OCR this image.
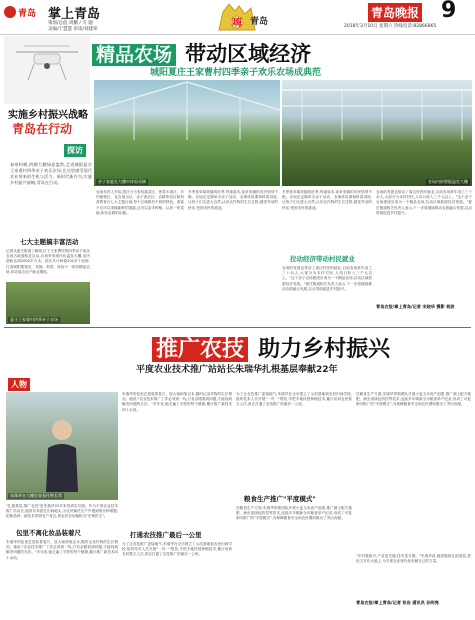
青岛 掌上青岛
策划/总值 周鹏 / 专 题
美编/于慧慧 审读/刘建荣
嗨 青岛
青岛晚报 9
2018年3月10日 星期六 热线电话:82866865
精品农场 带动区域经济
城阳夏庄王家曹村四季亲子欢乐农场成典范
实施乡村振兴战略
青岛在行动
探访
春寒料峭,两侧大棚绿意盎然,走进城阳夏庄王家曹村四季亲子欢乐农场,在这里感受现代农业带来的生机与活力。新时代新作为,实施乡村振兴战略,青岛在行动。
七大主题搞丰富活动
记者从夏庄街道了解到,位于王家曹村的四季亲子欢乐农场占地面积近百亩,农场采用现代化温室大棚,室内面积达到2000平方米。园区共计种植200多个品种,打造城阳集观光、采摘、科普、休闲于一体的精品农场,带动周边农户就业增收。
夏庄王家曹村四季亲子农场
亲子家庭在大棚中体验采摘	农场内的智能温室大棚
农场负责人介绍,园区分为有机蔬菜区、热带水果区、多肉植物区、花卉展示区、亲子游乐区、农耕体验区和科普教育区七大主题区域,每个区域都有不同的特色。游客不仅可以采摘新鲜的果蔬,还可以亲手种植、认养一块菜地,体验农耕的乐趣。
冬季是草莓采摘的旺季,每逢周末,前来采摘的市民络绎不绝。农场还定期举办亲子活动、农事体验课和科普讲座,让孩子们走进大自然,认识农作物的生长过程,感受劳动的快乐,受到市民的欢迎。
冬季是草莓采摘的旺季,每逢周末,前来采摘的市民络绎不绝。农场还定期举办亲子活动、农事体验课和科普讲座,让孩子们走进大自然,认识农作物的生长过程,感受劳动的快乐,受到市民的欢迎。
拉动经济带动村民就业
农场的发展也带动了周边村民的就业,目前农场常年用工三十余人,大部分为本村村民,人均月收入三千元以上。"这个亲子农场建成后成为一个精品农场,拉动区域旅游经济发展。"夏庄街道相关负责人表示,下一步将继续推动农旅融合发展,以点带面促进乡村振兴。
农场的发展也带动了周边村民的就业,目前农场常年用工三十余人,大部分为本村村民,人均月收入三千元以上。"这个亲子农场建成后成为一个精品农场,拉动区域旅游经济发展。"夏庄街道相关负责人表示,下一步将继续推动农旅融合发展,以点带面促进乡村振兴。
青岛农报/掌上青岛/记者 宋晓华 摄影 杨波
推广农技 助力乡村振兴
平度农业技术推广站站长朱瑞华扎根基层奉献22年
人物
朱瑞华在大棚里查看作物长势
"扎根基层,推广农技"是朱瑞华22年来的真实写照。作为平度农业技术推广站站长,她常年奔波在田间地头,为农民解决生产中遇到的各种难题,把新品种、新技术带到农户身边,被农民亲切地称为"庄稼医生"。
包里不离化妆品装着尺
朱瑞华的包里总是装着卷尺、放大镜和笔记本,随时记录作物的生长情况。她说:"农业技术推广工作必须到一线,只有亲眼看到问题,才能找到解决问题的办法。"多年来,她走遍了平度的每个镇街,累计推广新技术四十余项。
朱瑞华的包里总是装着卷尺、放大镜和笔记本,随时记录作物的生长情况。她说:"农业技术推广工作必须到一线,只有亲眼看到问题,才能找到解决问题的办法。"多年来,她走遍了平度的每个镇街,累计推广新技术四十余项。
打通农技推广最后一公里
为了让农技推广更接地气,朱瑞华在全市建立了示范基地和农民田间学校,组织技术人员开展"一对一"帮扶,手把手地传授种植技术,累计培训农民数万人次,真正打通了农技推广的最后一公里。
为了让农技推广更接地气,朱瑞华在全市建立了示范基地和农民田间学校,组织技术人员开展"一对一"帮扶,手把手地传授种植技术,累计培训农民数万人次,真正打通了农技推广的最后一公里。
粮食生产推广"平度模式"
在粮食生产方面,朱瑞华带领团队开展小麦玉米高产创建,推广测土配方施肥、病虫害绿色防控等技术,连续多年刷新全市粮食单产纪录,形成了可复制可推广的"平度模式",为保障粮食安全和农民增收做出了突出贡献。
在粮食生产方面,朱瑞华带领团队开展小麦玉米高产创建,推广测土配方施肥、病虫害绿色防控等技术,连续多年刷新全市粮食单产纪录,形成了可复制可推广的"平度模式",为保障粮食安全和农民增收做出了突出贡献。
"乡村要振兴,产业是关键,技术是支撑。"朱瑞华说,她将继续扎根基层,把论文写在大地上,为平度农业现代化贡献自己的力量。
青岛农报/掌上青岛/记者 张岩 通讯员 孙明亮
